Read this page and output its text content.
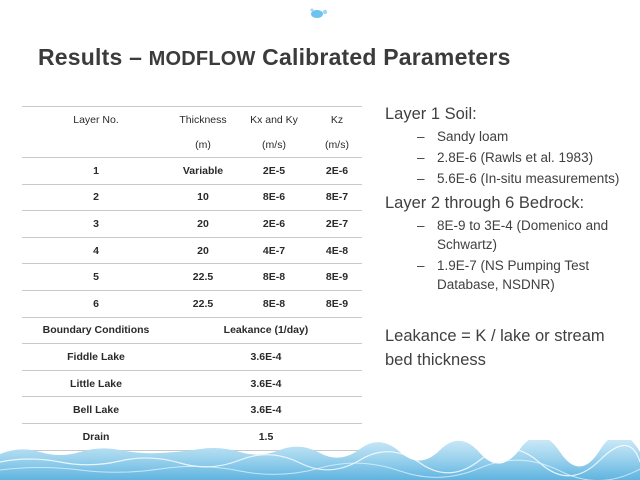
Results – MODFLOW Calibrated Parameters
Layer No.	Thickness	Kx and Ky	Kz
	(m)	(m/s)	(m/s)
1	Variable	2E-5	2E-6
2	10	8E-6	8E-7
3	20	2E-6	2E-7
4	20	4E-7	4E-8
5	22.5	8E-8	8E-9
6	22.5	8E-8	8E-9
Boundary Conditions	Leakance (1/day)		
Fiddle Lake	3.6E-4		
Little Lake	3.6E-4		
Bell Lake	3.6E-4		
Drain	1.5		

Layer 1 Soil:

– Sandy loam
– 2.8E-6 (Rawls et al. 1983)
– 5.6E-6 (In-situ measurements)

Layer 2 through 6 Bedrock:

– 8E-9 to 3E-4 (Domenico and Schwartz)
– 1.9E-7 (NS Pumping Test Database, NSDNR)

Leakance = K / lake or stream bed thickness
